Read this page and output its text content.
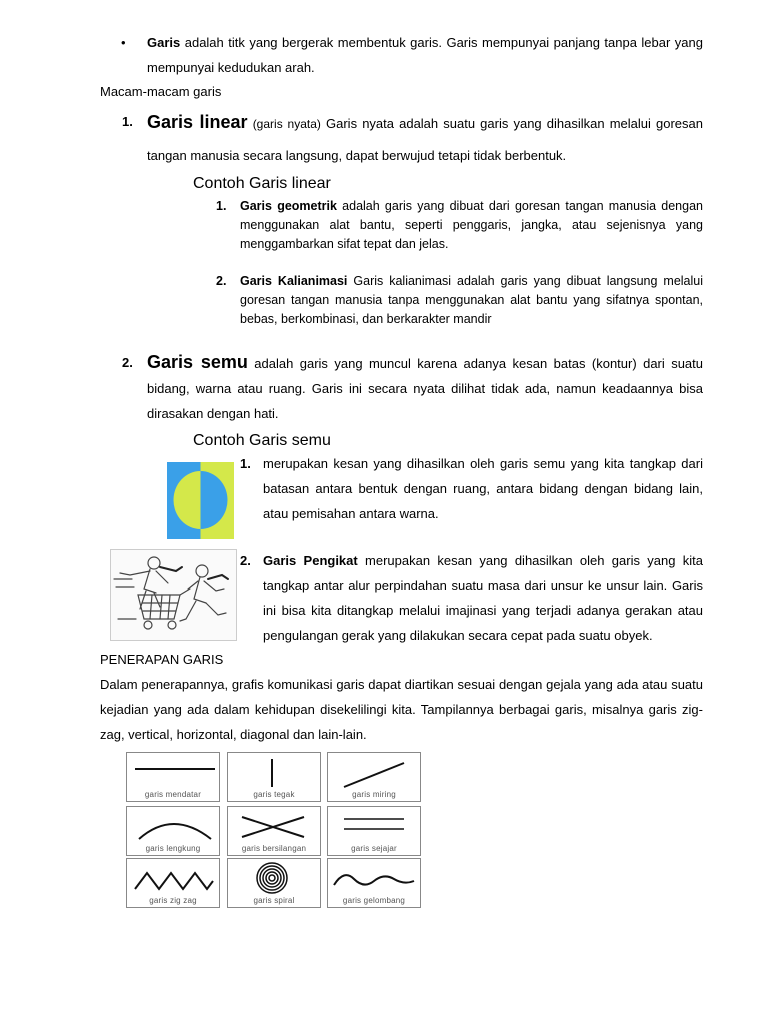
• Garis adalah titk yang bergerak membentuk garis. Garis mempunyai panjang tanpa lebar yang mempunyai kedudukan arah.
Macam-macam garis
1. Garis linear (garis nyata) Garis nyata adalah suatu garis yang dihasilkan melalui goresan tangan manusia secara langsung, dapat berwujud tetapi tidak berbentuk.
Contoh Garis linear
1. Garis geometrik adalah garis yang dibuat dari goresan tangan manusia dengan menggunakan alat bantu, seperti penggaris, jangka, atau sejenisnya yang menggambarkan sifat tepat dan jelas.
2. Garis Kalianimasi Garis kalianimasi adalah garis yang dibuat langsung melalui goresan tangan manusia tanpa menggunakan alat bantu yang sifatnya spontan, bebas, berkombinasi, dan berkarakter mandir
2. Garis semu adalah garis yang muncul karena adanya kesan batas (kontur) dari suatu bidang, warna atau ruang. Garis ini secara nyata dilihat tidak ada, namun keadaannya bisa dirasakan dengan hati.
Contoh Garis semu
1. merupakan kesan yang dihasilkan oleh garis semu yang kita tangkap dari batasan antara bentuk dengan ruang, antara bidang dengan bidang lain, atau pemisahan antara warna.
2. Garis Pengikat merupakan kesan yang dihasilkan oleh garis yang kita tangkap antar alur perpindahan suatu masa dari unsur ke unsur lain. Garis ini bisa kita ditangkap melalui imajinasi yang terjadi adanya gerakan atau pengulangan gerak yang dilakukan secara cepat pada suatu obyek.
PENERAPAN GARIS
Dalam penerapannya, grafis komunikasi garis dapat diartikan sesuai dengan gejala yang ada atau suatu kejadian yang ada dalam kehidupan disekelilingi kita. Tampilannya berbagai garis, misalnya garis zig-zag, vertical, horizontal, diagonal dan lain-lain.
garis mendatar	garis tegak	garis miring
garis lengkung	garis bersilangan	garis sejajar
garis zig zag	garis spiral	garis gelombang
